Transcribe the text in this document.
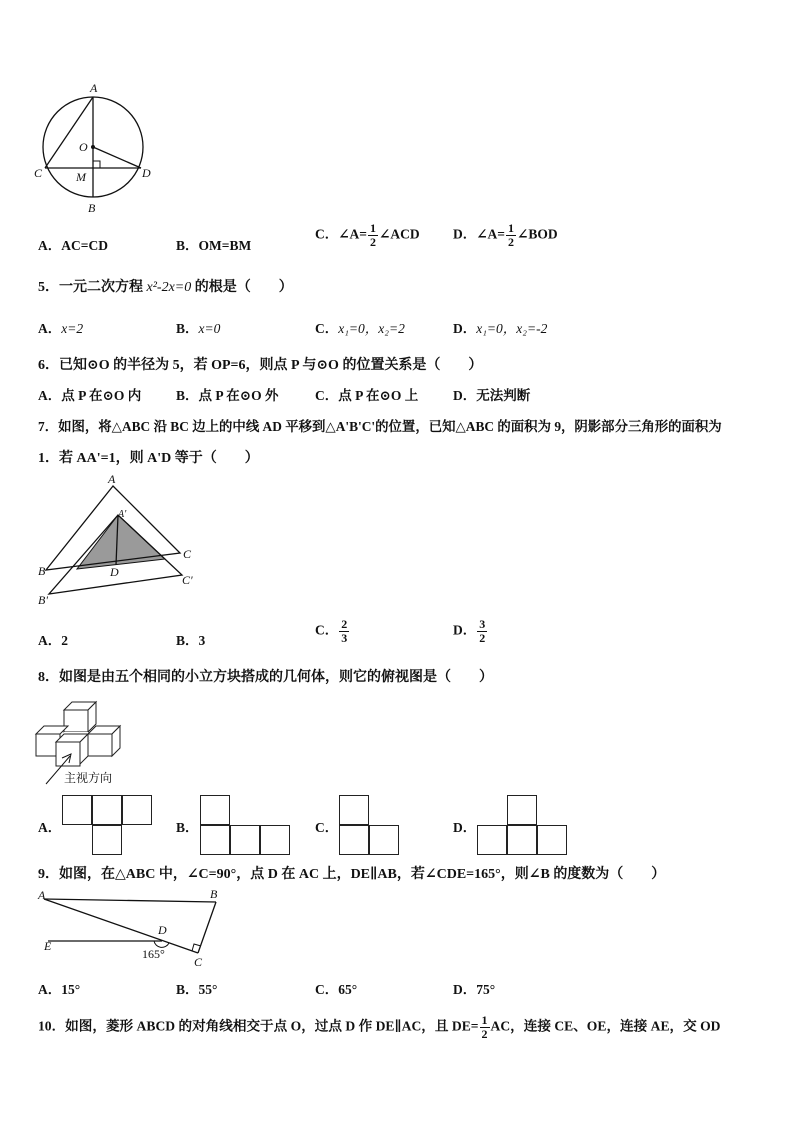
A
O
C	M	D
B
A．AC=CD	B．OM=BM
C．∠A= $\frac{1}{2}$ ∠ACD D．∠A= $\frac{1}{2}$ ∠BOD
5．一元二次方程 x²-2x=0 的根是（　　）
A．x=2	B．x=0	C．x₁=0，x₂=2	D．x₁=0，x₂=-2
6．已知⊙O 的半径为 5，若 OP=6，则点 P 与⊙O 的位置关系是（　　）
A．点 P 在⊙O 内	B．点 P 在⊙O 外	C．点 P 在⊙O 上	D．无法判断
7．如图，将△ABC 沿 BC 边上的中线 AD 平移到△A'B'C'的位置，已知△ABC 的面积为 9，阴影部分三角形的面积为
1．若 AA'=1，则 A'D 等于（　　）
A
A'
C
C'
B
B'
D
A．2	B．3
C． $\frac{2}{3}$	D． $\frac{3}{2}$
8．如图是由五个相同的小立方块搭成的几何体，则它的俯视图是（　　）
主视方向
A．	B．	C．	D．
9．如图，在△ABC 中，∠C=90°，点 D 在 AC 上，DE∥AB，若∠CDE=165°，则∠B 的度数为（　　）
A	B
D
E
C
165°
A．15°	B．55°	C．65°	D．75°
10．如图，菱形 ABCD 的对角线相交于点 O，过点 D 作 DE∥AC，且 $DE= \frac{1}{2}$ AC，连接 CE、OE，连接 AE，交 OD
